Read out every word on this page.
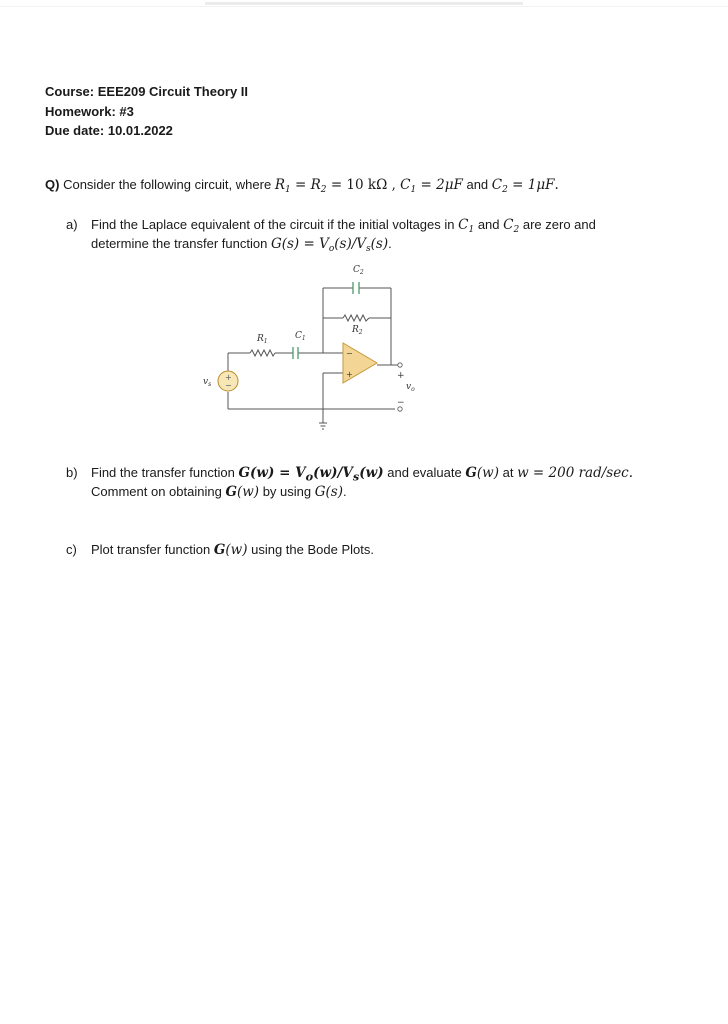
Course: EEE209 Circuit Theory II
Homework: #3
Due date: 10.01.2022
Q) Consider the following circuit, where $R_1 = R_2 = 10$ kΩ , $C_1 = 2\mu F$ and $C_2 = 1\mu F$.
a) Find the Laplace equivalent of the circuit if the initial voltages in $C_1$ and $C_2$ are zero and
determine the transfer function $G(s) = V_o(s)/V_s(s)$.
−
+
+
−
+
−
$C_2$
$R_2$
$R_1$
$C_1$
$v_s$	$v_o$
b) Find the transfer function $G(w) = V_o(w)/V_s(w)$ and evaluate G(w) at w = 200 rad/sec.
Comment on obtaining G(w) by using G(s).
c) Plot transfer function G(w) using the Bode Plots.
